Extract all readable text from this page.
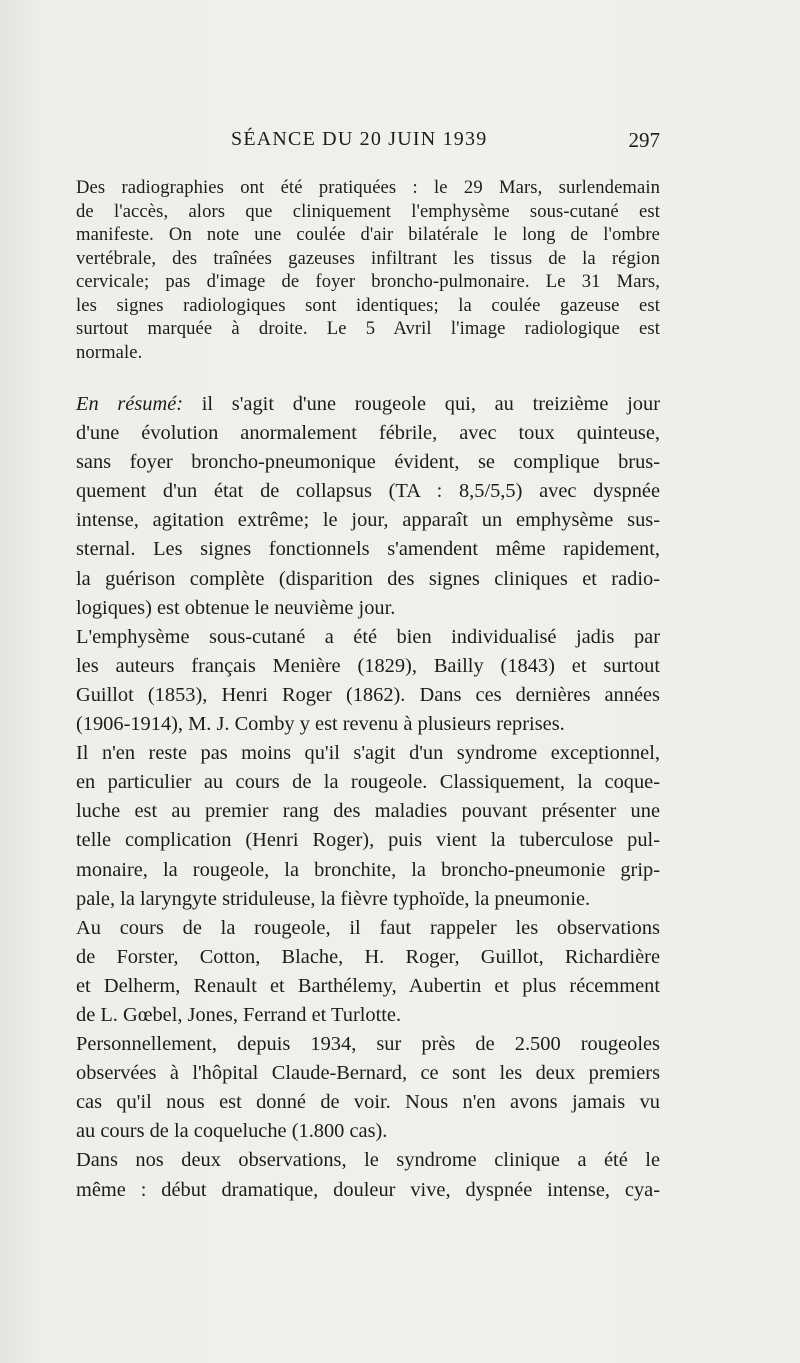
SÉANCE DU 20 JUIN 1939	297
Des radiographies ont été pratiquées : le 29 Mars, surlendemain
de l'accès, alors que cliniquement l'emphysème sous-cutané est
manifeste. On note une coulée d'air bilatérale le long de l'ombre
vertébrale, des traînées gazeuses infiltrant les tissus de la région
cervicale; pas d'image de foyer broncho-pulmonaire. Le 31 Mars,
les signes radiologiques sont identiques; la coulée gazeuse est
surtout marquée à droite. Le 5 Avril l'image radiologique est
normale.
En résumé: il s'agit d'une rougeole qui, au treizième jour
d'une évolution anormalement fébrile, avec toux quinteuse,
sans foyer broncho-pneumonique évident, se complique brus-
quement d'un état de collapsus (TA : 8,5/5,5) avec dyspnée
intense, agitation extrême; le jour, apparaît un emphysème sus-
sternal. Les signes fonctionnels s'amendent même rapidement,
la guérison complète (disparition des signes cliniques et radio-
logiques) est obtenue le neuvième jour.
L'emphysème sous-cutané a été bien individualisé jadis par
les auteurs français Menière (1829), Bailly (1843) et surtout
Guillot (1853), Henri Roger (1862). Dans ces dernières années
(1906-1914), M. J. Comby y est revenu à plusieurs reprises.
Il n'en reste pas moins qu'il s'agit d'un syndrome exceptionnel,
en particulier au cours de la rougeole. Classiquement, la coque-
luche est au premier rang des maladies pouvant présenter une
telle complication (Henri Roger), puis vient la tuberculose pul-
monaire, la rougeole, la bronchite, la broncho-pneumonie grip-
pale, la laryngyte striduleuse, la fièvre typhoïde, la pneumonie.
Au cours de la rougeole, il faut rappeler les observations
de Forster, Cotton, Blache, H. Roger, Guillot, Richardière
et Delherm, Renault et Barthélemy, Aubertin et plus récemment
de L. Gœbel, Jones, Ferrand et Turlotte.
Personnellement, depuis 1934, sur près de 2.500 rougeoles
observées à l'hôpital Claude-Bernard, ce sont les deux premiers
cas qu'il nous est donné de voir. Nous n'en avons jamais vu
au cours de la coqueluche (1.800 cas).
Dans nos deux observations, le syndrome clinique a été le
même : début dramatique, douleur vive, dyspnée intense, cya-
